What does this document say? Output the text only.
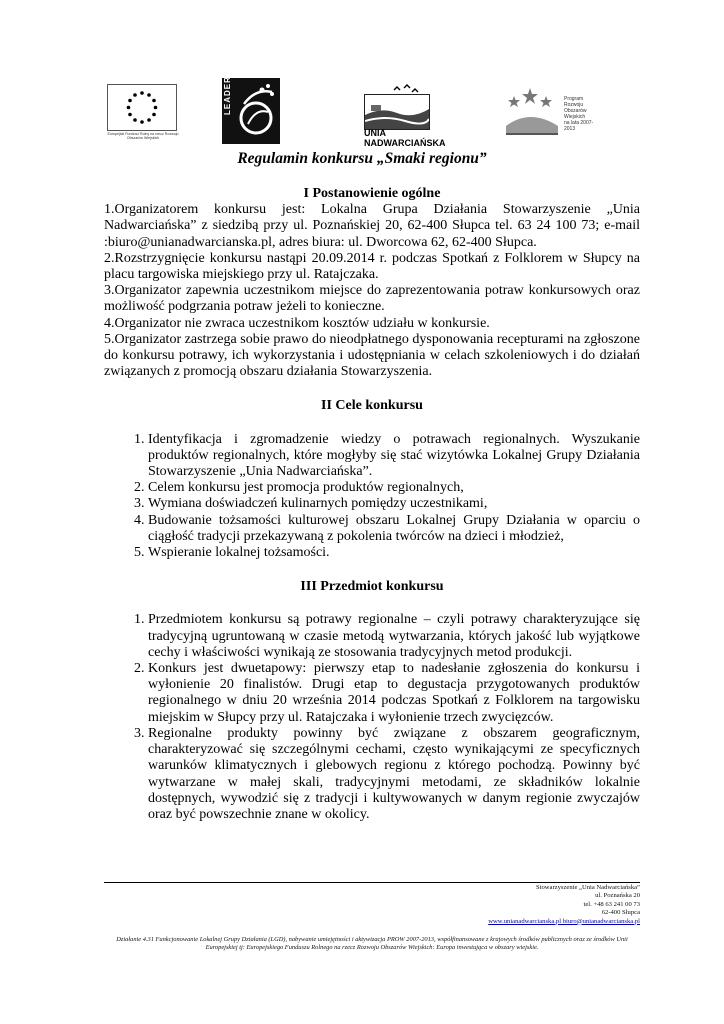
Europejski Fundusz Rolny na rzecz Rozwoju Obszarów Wiejskich
LEADER
UNIA
NADWARCIAŃSKA
Program
Rozwoju
Obszarów
Wiejskich
na lata 2007-2013
Regulamin konkursu „Smaki regionu”
I Postanowienie ogólne

1.Organizatorem konkursu jest: Lokalna Grupa Działania Stowarzyszenie „Unia Nadwarciańska” z siedzibą przy ul. Poznańskiej 20, 62-400 Słupca tel. 63 24 100 73; e-mail :biuro@unianadwarcianska.pl, adres biura: ul. Dworcowa 62, 62-400 Słupca.

2.Rozstrzygnięcie konkursu nastąpi 20.09.2014 r. podczas Spotkań z Folklorem w Słupcy na placu targowiska miejskiego przy ul. Ratajczaka.

3.Organizator zapewnia uczestnikom miejsce do zaprezentowania potraw konkursowych oraz możliwość podgrzania potraw jeżeli to konieczne.

4.Organizator nie zwraca uczestnikom kosztów udziału w konkursie.

5.Organizator zastrzega sobie prawo do nieodpłatnego dysponowania recepturami na zgłoszone do konkursu potrawy, ich wykorzystania i udostępniania w celach szkoleniowych i do działań związanych z promocją obszaru działania Stowarzyszenia.

II Cele konkursu
1. Identyfikacja i zgromadzenie wiedzy o potrawach regionalnych. Wyszukanie produktów regionalnych, które mogłyby się stać wizytówka Lokalnej Grupy Działania Stowarzyszenie „Unia Nadwarciańska”.
2. Celem konkursu jest promocja produktów regionalnych,
3. Wymiana doświadczeń kulinarnych pomiędzy uczestnikami,
4. Budowanie tożsamości kulturowej obszaru Lokalnej Grupy Działania w oparciu o ciągłość tradycji przekazywaną z pokolenia twórców na dzieci i młodzież,
5. Wspieranie lokalnej tożsamości.
III Przedmiot konkursu
1. Przedmiotem konkursu są potrawy regionalne – czyli potrawy charakteryzujące się tradycyjną ugruntowaną w czasie metodą wytwarzania, których jakość lub wyjątkowe cechy i właściwości wynikają ze stosowania tradycyjnych metod produkcji.
2. Konkurs jest dwuetapowy: pierwszy etap to nadesłanie zgłoszenia do konkursu i wyłonienie 20 finalistów. Drugi etap to degustacja przygotowanych produktów regionalnego w dniu 20 września 2014 podczas Spotkań z Folklorem na targowisku miejskim w Słupcy przy ul. Ratajczaka i wyłonienie trzech zwycięzców.
3. Regionalne produkty powinny być związane z obszarem geograficznym, charakteryzować się szczególnymi cechami, często wynikającymi ze specyficznych warunków klimatycznych i glebowych regionu z którego pochodzą. Powinny być wytwarzane w małej skali, tradycyjnymi metodami, ze składników lokalnie dostępnych, wywodzić się z tradycji i kultywowanych w danym regionie zwyczajów oraz być powszechnie znane w okolicy.
Stowarzyszenie „Unia Nadwarciańska”
ul. Poznańska 20
tel. +48 63 241 00 73
62-400 Słupca
www.unianadwarcianska.pl biuro@unianadwarcianska.pl
Działanie 4.31 Funkcjonowanie Lokalnej Grupy Działania (LGD), nabywanie umiejętności i aktywizacja PROW 2007-2013, współfinansowane z krajowych środków publicznych oraz ze środków Unii Europejskiej tj: Europejskiego Funduszu Rolnego na rzecz Rozwoju Obszarów Wiejskich: Europa inwestująca w obszary wiejskie.
